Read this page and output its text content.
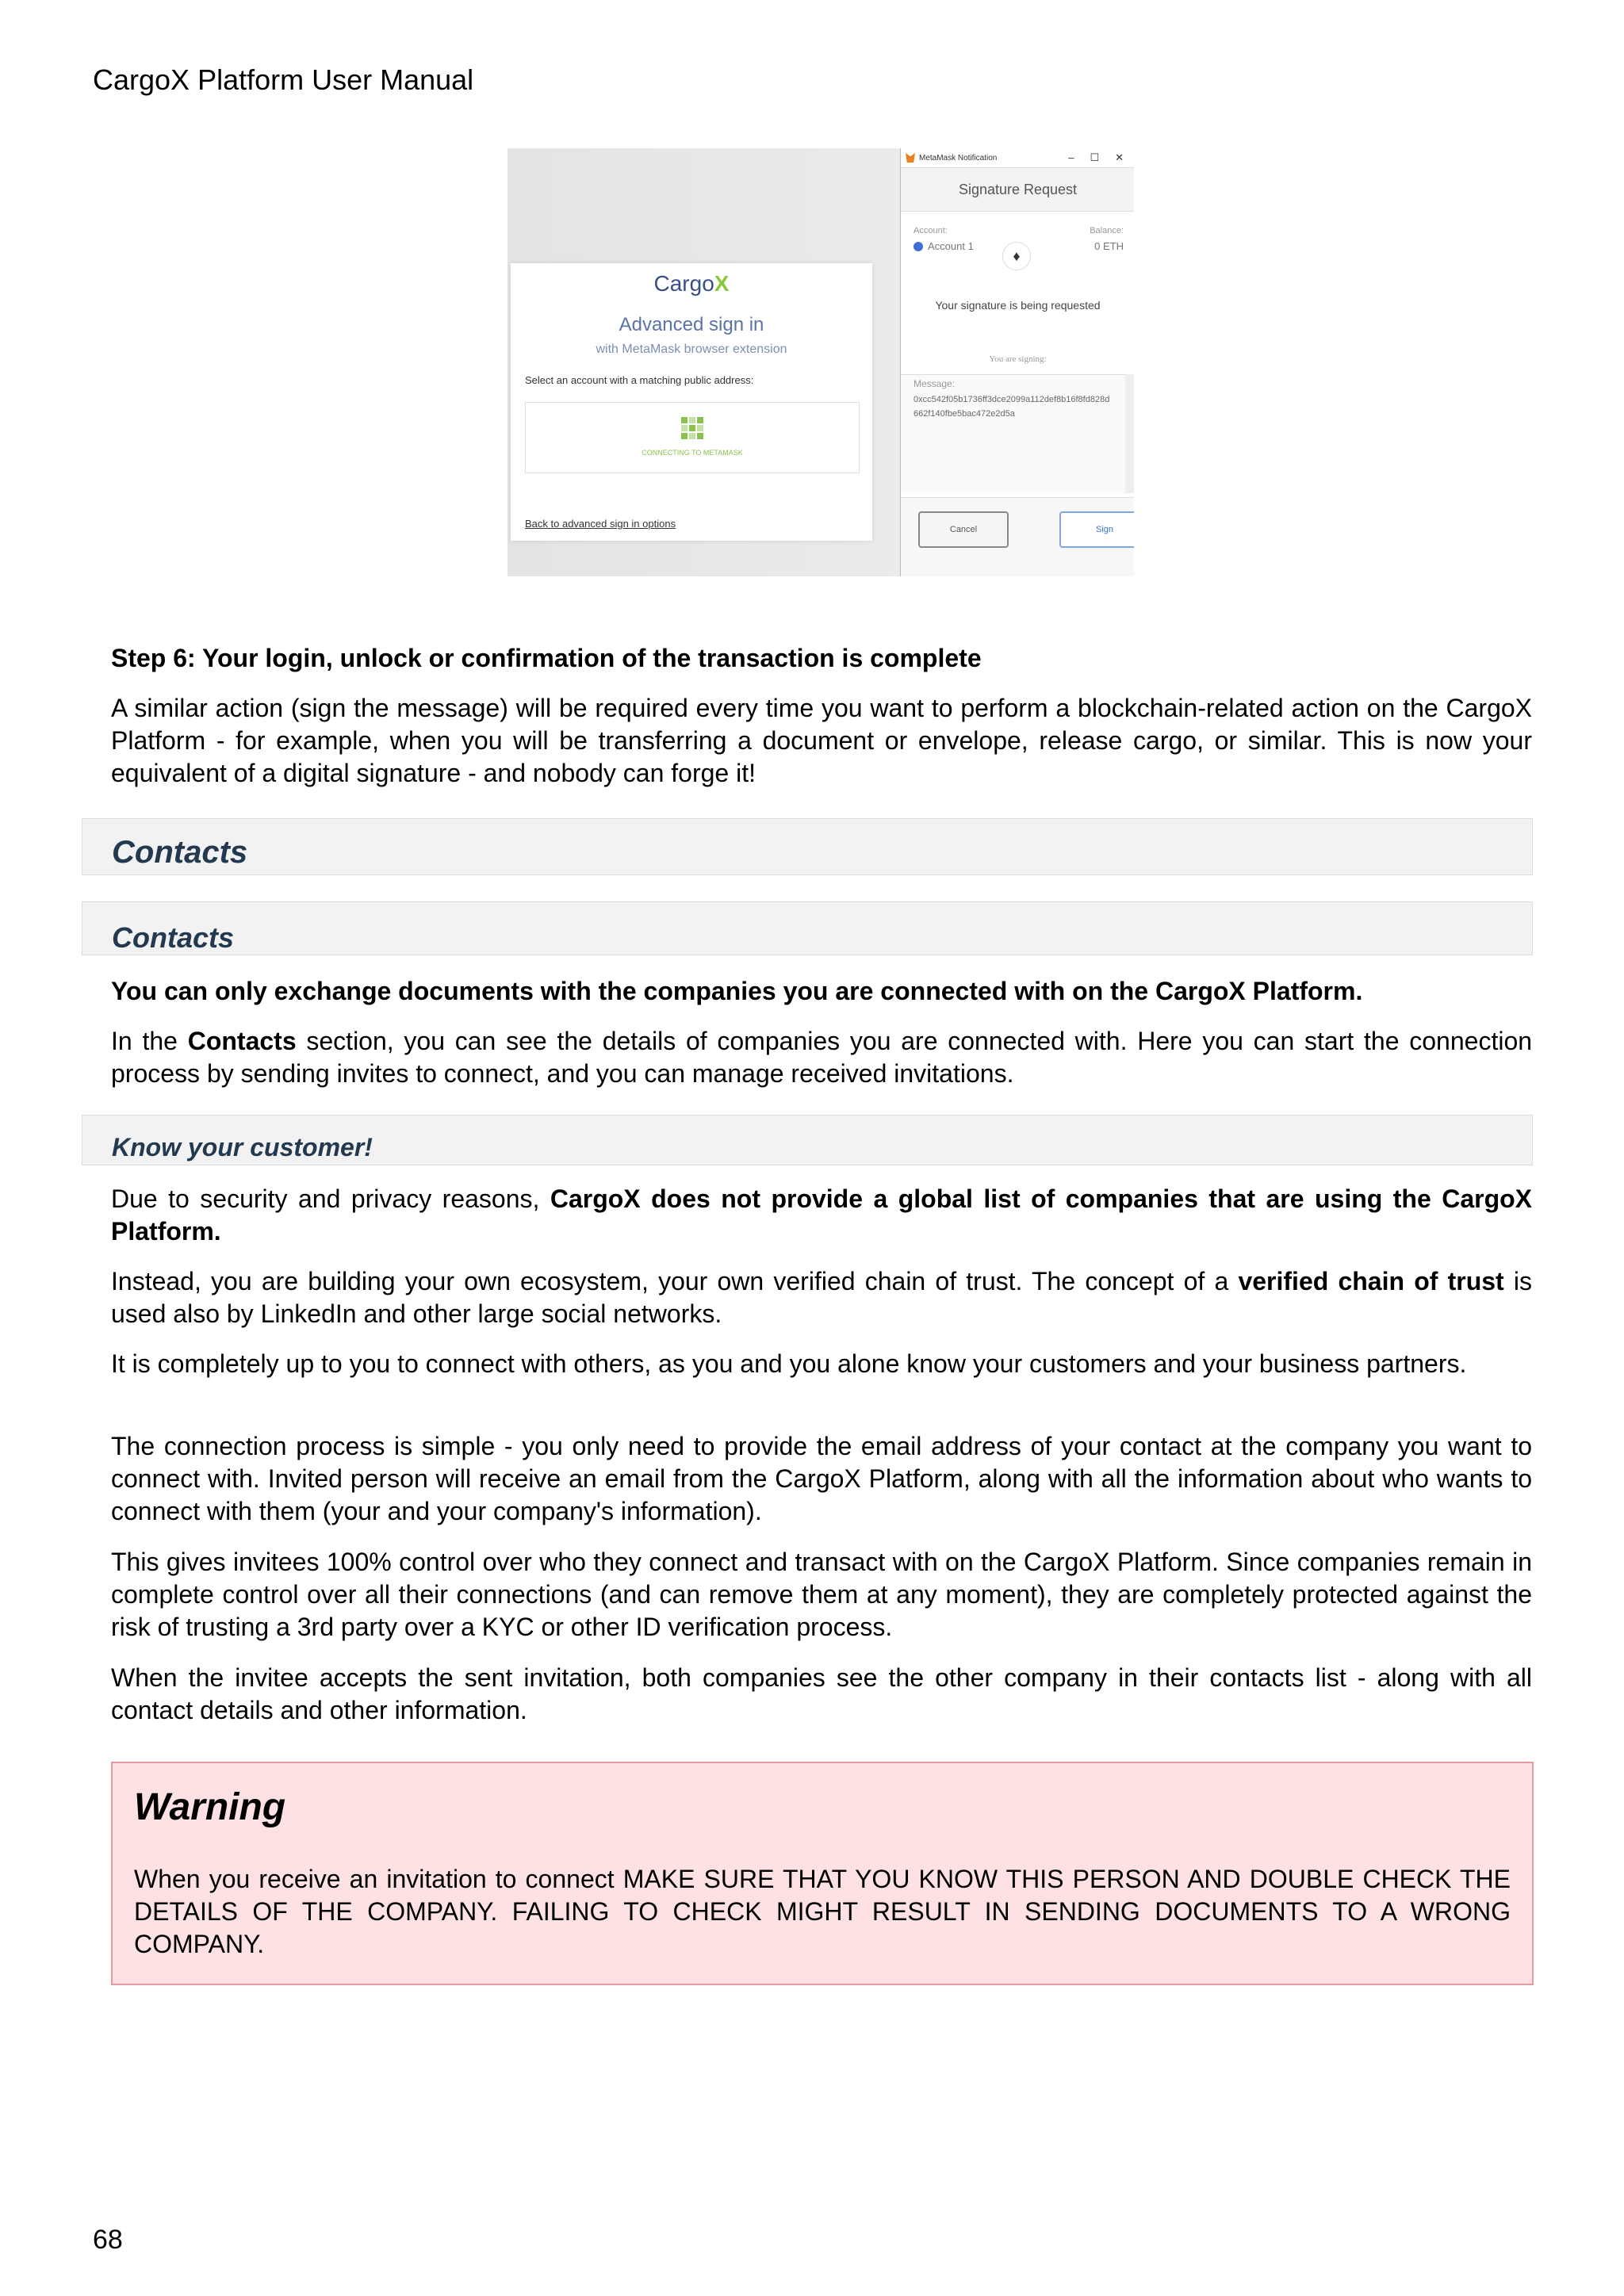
CargoX Platform User Manual
CargoX
Advanced sign in
with MetaMask browser extension
Select an account with a matching public address:
CONNECTING TO METAMASK
Back to advanced sign in options
MetaMask Notification	– ☐ ✕
Signature Request
Account:
Account 1
♦
Balance:
0 ETH
Your signature is being requested
You are signing:
Message:
0xcc542f05b1736ff3dce2099a112def8b16f8fd828d662f140fbe5bac472e2d5a
Cancel	Sign
Step 6: Your login, unlock or confirmation of the transaction is complete
A similar action (sign the message) will be required every time you want to perform a blockchain-related action on the CargoX Platform - for example, when you will be transferring a document or envelope, release cargo, or similar. This is now your equivalent of a digital signature - and nobody can forge it!
Contacts
Contacts
You can only exchange documents with the companies you are connected with on the CargoX Platform.
In the Contacts section, you can see the details of companies you are connected with. Here you can start the connection process by sending invites to connect, and you can manage received invitations.
Know your customer!
Due to security and privacy reasons, CargoX does not provide a global list of companies that are using the CargoX Platform.
Instead, you are building your own ecosystem, your own verified chain of trust. The concept of a verified chain of trust is used also by LinkedIn and other large social networks.
It is completely up to you to connect with others, as you and you alone know your customers and your business partners.
The connection process is simple - you only need to provide the email address of your contact at the company you want to connect with. Invited person will receive an email from the CargoX Platform, along with all the information about who wants to connect with them (your and your company's information).
This gives invitees 100% control over who they connect and transact with on the CargoX Platform. Since companies remain in complete control over all their connections (and can remove them at any moment), they are completely protected against the risk of trusting a 3rd party over a KYC or other ID verification process.
When the invitee accepts the sent invitation, both companies see the other company in their contacts list - along with all contact details and other information.
Warning
When you receive an invitation to connect MAKE SURE THAT YOU KNOW THIS PERSON AND DOUBLE CHECK THE DETAILS OF THE COMPANY. FAILING TO CHECK MIGHT RESULT IN SENDING DOCUMENTS TO A WRONG COMPANY.
68
